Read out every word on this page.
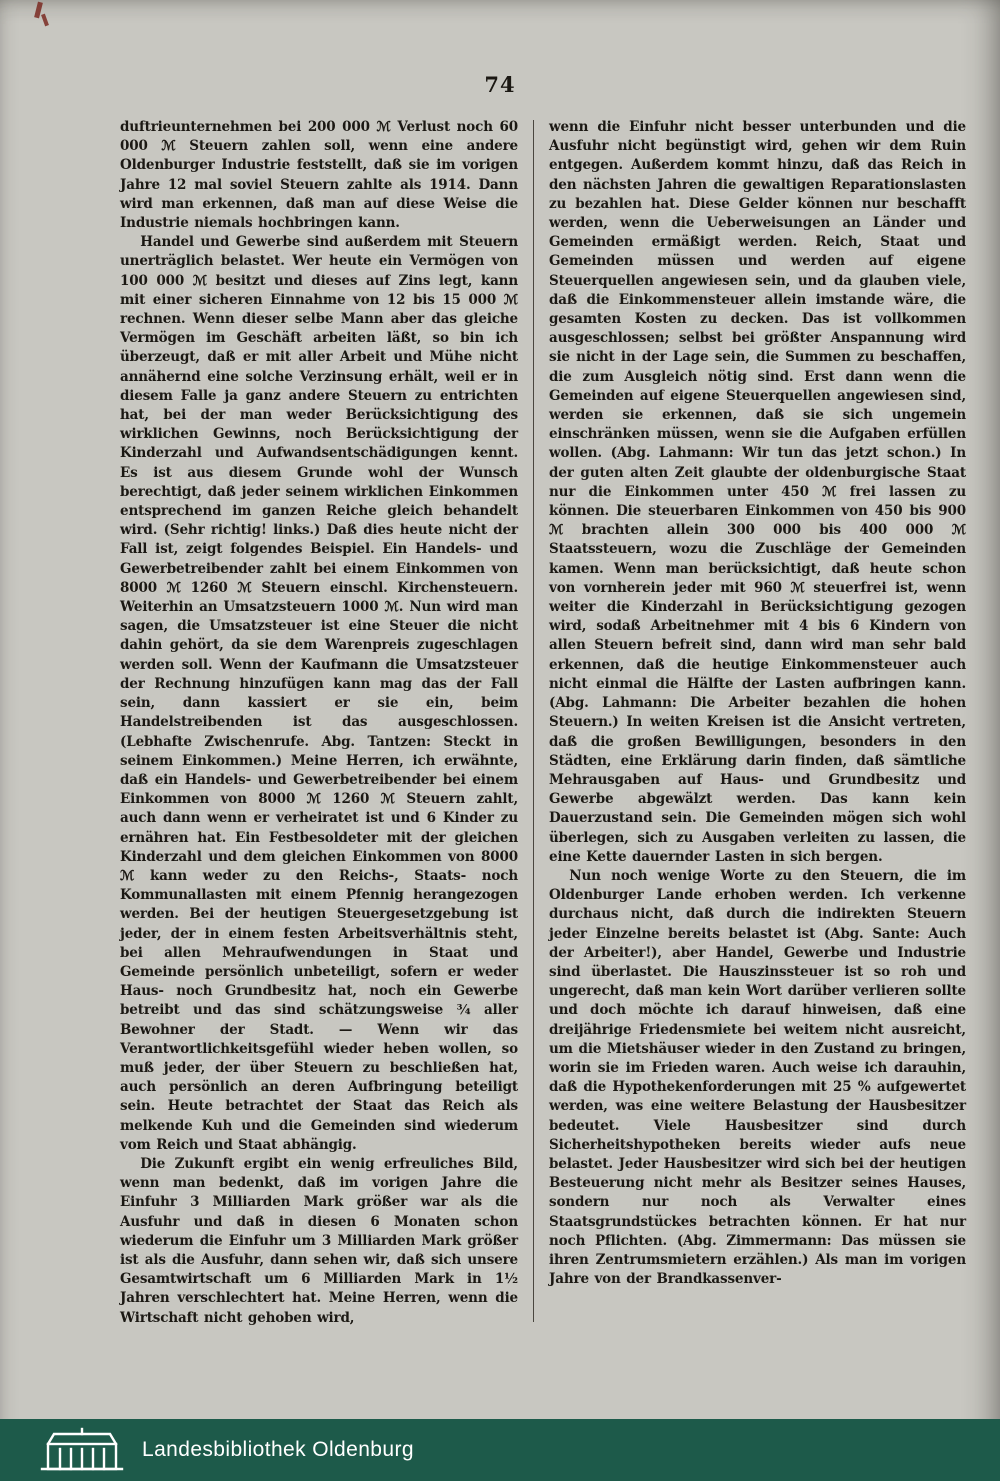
74

duftrieunternehmen bei 200 000 ℳ Verlust noch 60 000 ℳ Steuern zahlen soll, wenn eine andere Oldenburger Industrie feststellt, daß sie im vorigen Jahre 12 mal soviel Steuern zahlte als 1914. Dann wird man erkennen, daß man auf diese Weise die Industrie niemals hochbringen kann.

Handel und Gewerbe sind außerdem mit Steuern unerträglich belastet. Wer heute ein Vermögen von 100 000 ℳ besitzt und dieses auf Zins legt, kann mit einer sicheren Einnahme von 12 bis 15 000 ℳ rechnen. Wenn dieser selbe Mann aber das gleiche Vermögen im Geschäft arbeiten läßt, so bin ich überzeugt, daß er mit aller Arbeit und Mühe nicht annähernd eine solche Verzinsung erhält, weil er in diesem Falle ja ganz andere Steuern zu entrichten hat, bei der man weder Berücksichtigung des wirklichen Gewinns, noch Berücksichtigung der Kinderzahl und Aufwandsentschädigungen kennt. Es ist aus diesem Grunde wohl der Wunsch berechtigt, daß jeder seinem wirklichen Einkommen entsprechend im ganzen Reiche gleich behandelt wird. (Sehr richtig! links.) Daß dies heute nicht der Fall ist, zeigt folgendes Beispiel. Ein Handels- und Gewerbetreibender zahlt bei einem Einkommen von 8000 ℳ 1260 ℳ Steuern einschl. Kirchensteuern. Weiterhin an Umsatzsteuern 1000 ℳ. Nun wird man sagen, die Umsatzsteuer ist eine Steuer die nicht dahin gehört, da sie dem Warenpreis zugeschlagen werden soll. Wenn der Kaufmann die Umsatzsteuer der Rechnung hinzufügen kann mag das der Fall sein, dann kassiert er sie ein, beim Handelstreibenden ist das ausgeschlossen. (Lebhafte Zwischenrufe. Abg. Tantzen: Steckt in seinem Einkommen.) Meine Herren, ich erwähnte, daß ein Handels- und Gewerbetreibender bei einem Einkommen von 8000 ℳ 1260 ℳ Steuern zahlt, auch dann wenn er verheiratet ist und 6 Kinder zu ernähren hat. Ein Festbesoldeter mit der gleichen Kinderzahl und dem gleichen Einkommen von 8000 ℳ kann weder zu den Reichs-, Staats- noch Kommunallasten mit einem Pfennig herangezogen werden. Bei der heutigen Steuergesetzgebung ist jeder, der in einem festen Arbeitsverhältnis steht, bei allen Mehraufwendungen in Staat und Gemeinde persönlich unbeteiligt, sofern er weder Haus- noch Grundbesitz hat, noch ein Gewerbe betreibt und das sind schätzungsweise ¾ aller Bewohner der Stadt. — Wenn wir das Verantwortlichkeitsgefühl wieder heben wollen, so muß jeder, der über Steuern zu beschließen hat, auch persönlich an deren Aufbringung beteiligt sein. Heute betrachtet der Staat das Reich als melkende Kuh und die Gemeinden sind wiederum vom Reich und Staat abhängig.

Die Zukunft ergibt ein wenig erfreuliches Bild, wenn man bedenkt, daß im vorigen Jahre die Einfuhr 3 Milliarden Mark größer war als die Ausfuhr und daß in diesen 6 Monaten schon wiederum die Einfuhr um 3 Milliarden Mark größer ist als die Ausfuhr, dann sehen wir, daß sich unsere Gesamtwirtschaft um 6 Milliarden Mark in 1½ Jahren verschlechtert hat. Meine Herren, wenn die Wirtschaft nicht gehoben wird,

wenn die Einfuhr nicht besser unterbunden und die Ausfuhr nicht begünstigt wird, gehen wir dem Ruin entgegen. Außerdem kommt hinzu, daß das Reich in den nächsten Jahren die gewaltigen Reparationslasten zu bezahlen hat. Diese Gelder können nur beschafft werden, wenn die Ueberweisungen an Länder und Gemeinden ermäßigt werden. Reich, Staat und Gemeinden müssen und werden auf eigene Steuerquellen angewiesen sein, und da glauben viele, daß die Einkommensteuer allein imstande wäre, die gesamten Kosten zu decken. Das ist vollkommen ausgeschlossen; selbst bei größter Anspannung wird sie nicht in der Lage sein, die Summen zu beschaffen, die zum Ausgleich nötig sind. Erst dann wenn die Gemeinden auf eigene Steuerquellen angewiesen sind, werden sie erkennen, daß sie sich ungemein einschränken müssen, wenn sie die Aufgaben erfüllen wollen. (Abg. Lahmann: Wir tun das jetzt schon.) In der guten alten Zeit glaubte der oldenburgische Staat nur die Einkommen unter 450 ℳ frei lassen zu können. Die steuerbaren Einkommen von 450 bis 900 ℳ brachten allein 300 000 bis 400 000 ℳ Staatssteuern, wozu die Zuschläge der Gemeinden kamen. Wenn man berücksichtigt, daß heute schon von vornherein jeder mit 960 ℳ steuerfrei ist, wenn weiter die Kinderzahl in Berücksichtigung gezogen wird, sodaß Arbeitnehmer mit 4 bis 6 Kindern von allen Steuern befreit sind, dann wird man sehr bald erkennen, daß die heutige Einkommensteuer auch nicht einmal die Hälfte der Lasten aufbringen kann. (Abg. Lahmann: Die Arbeiter bezahlen die hohen Steuern.) In weiten Kreisen ist die Ansicht vertreten, daß die großen Bewilligungen, besonders in den Städten, eine Erklärung darin finden, daß sämtliche Mehrausgaben auf Haus- und Grundbesitz und Gewerbe abgewälzt werden. Das kann kein Dauerzustand sein. Die Gemeinden mögen sich wohl überlegen, sich zu Ausgaben verleiten zu lassen, die eine Kette dauernder Lasten in sich bergen.

Nun noch wenige Worte zu den Steuern, die im Oldenburger Lande erhoben werden. Ich verkenne durchaus nicht, daß durch die indirekten Steuern jeder Einzelne bereits belastet ist (Abg. Sante: Auch der Arbeiter!), aber Handel, Gewerbe und Industrie sind überlastet. Die Hauszinssteuer ist so roh und ungerecht, daß man kein Wort darüber verlieren sollte und doch möchte ich darauf hinweisen, daß eine dreijährige Friedensmiete bei weitem nicht ausreicht, um die Mietshäuser wieder in den Zustand zu bringen, worin sie im Frieden waren. Auch weise ich darauhin, daß die Hypothekenforderungen mit 25 % aufgewertet werden, was eine weitere Belastung der Hausbesitzer bedeutet. Viele Hausbesitzer sind durch Sicherheitshypotheken bereits wieder aufs neue belastet. Jeder Hausbesitzer wird sich bei der heutigen Besteuerung nicht mehr als Besitzer seines Hauses, sondern nur noch als Verwalter eines Staatsgrundstückes betrachten können. Er hat nur noch Pflichten. (Abg. Zimmermann: Das müssen sie ihren Zentrumsmietern erzählen.) Als man im vorigen Jahre von der Brandkassenver-

Landesbibliothek Oldenburg
